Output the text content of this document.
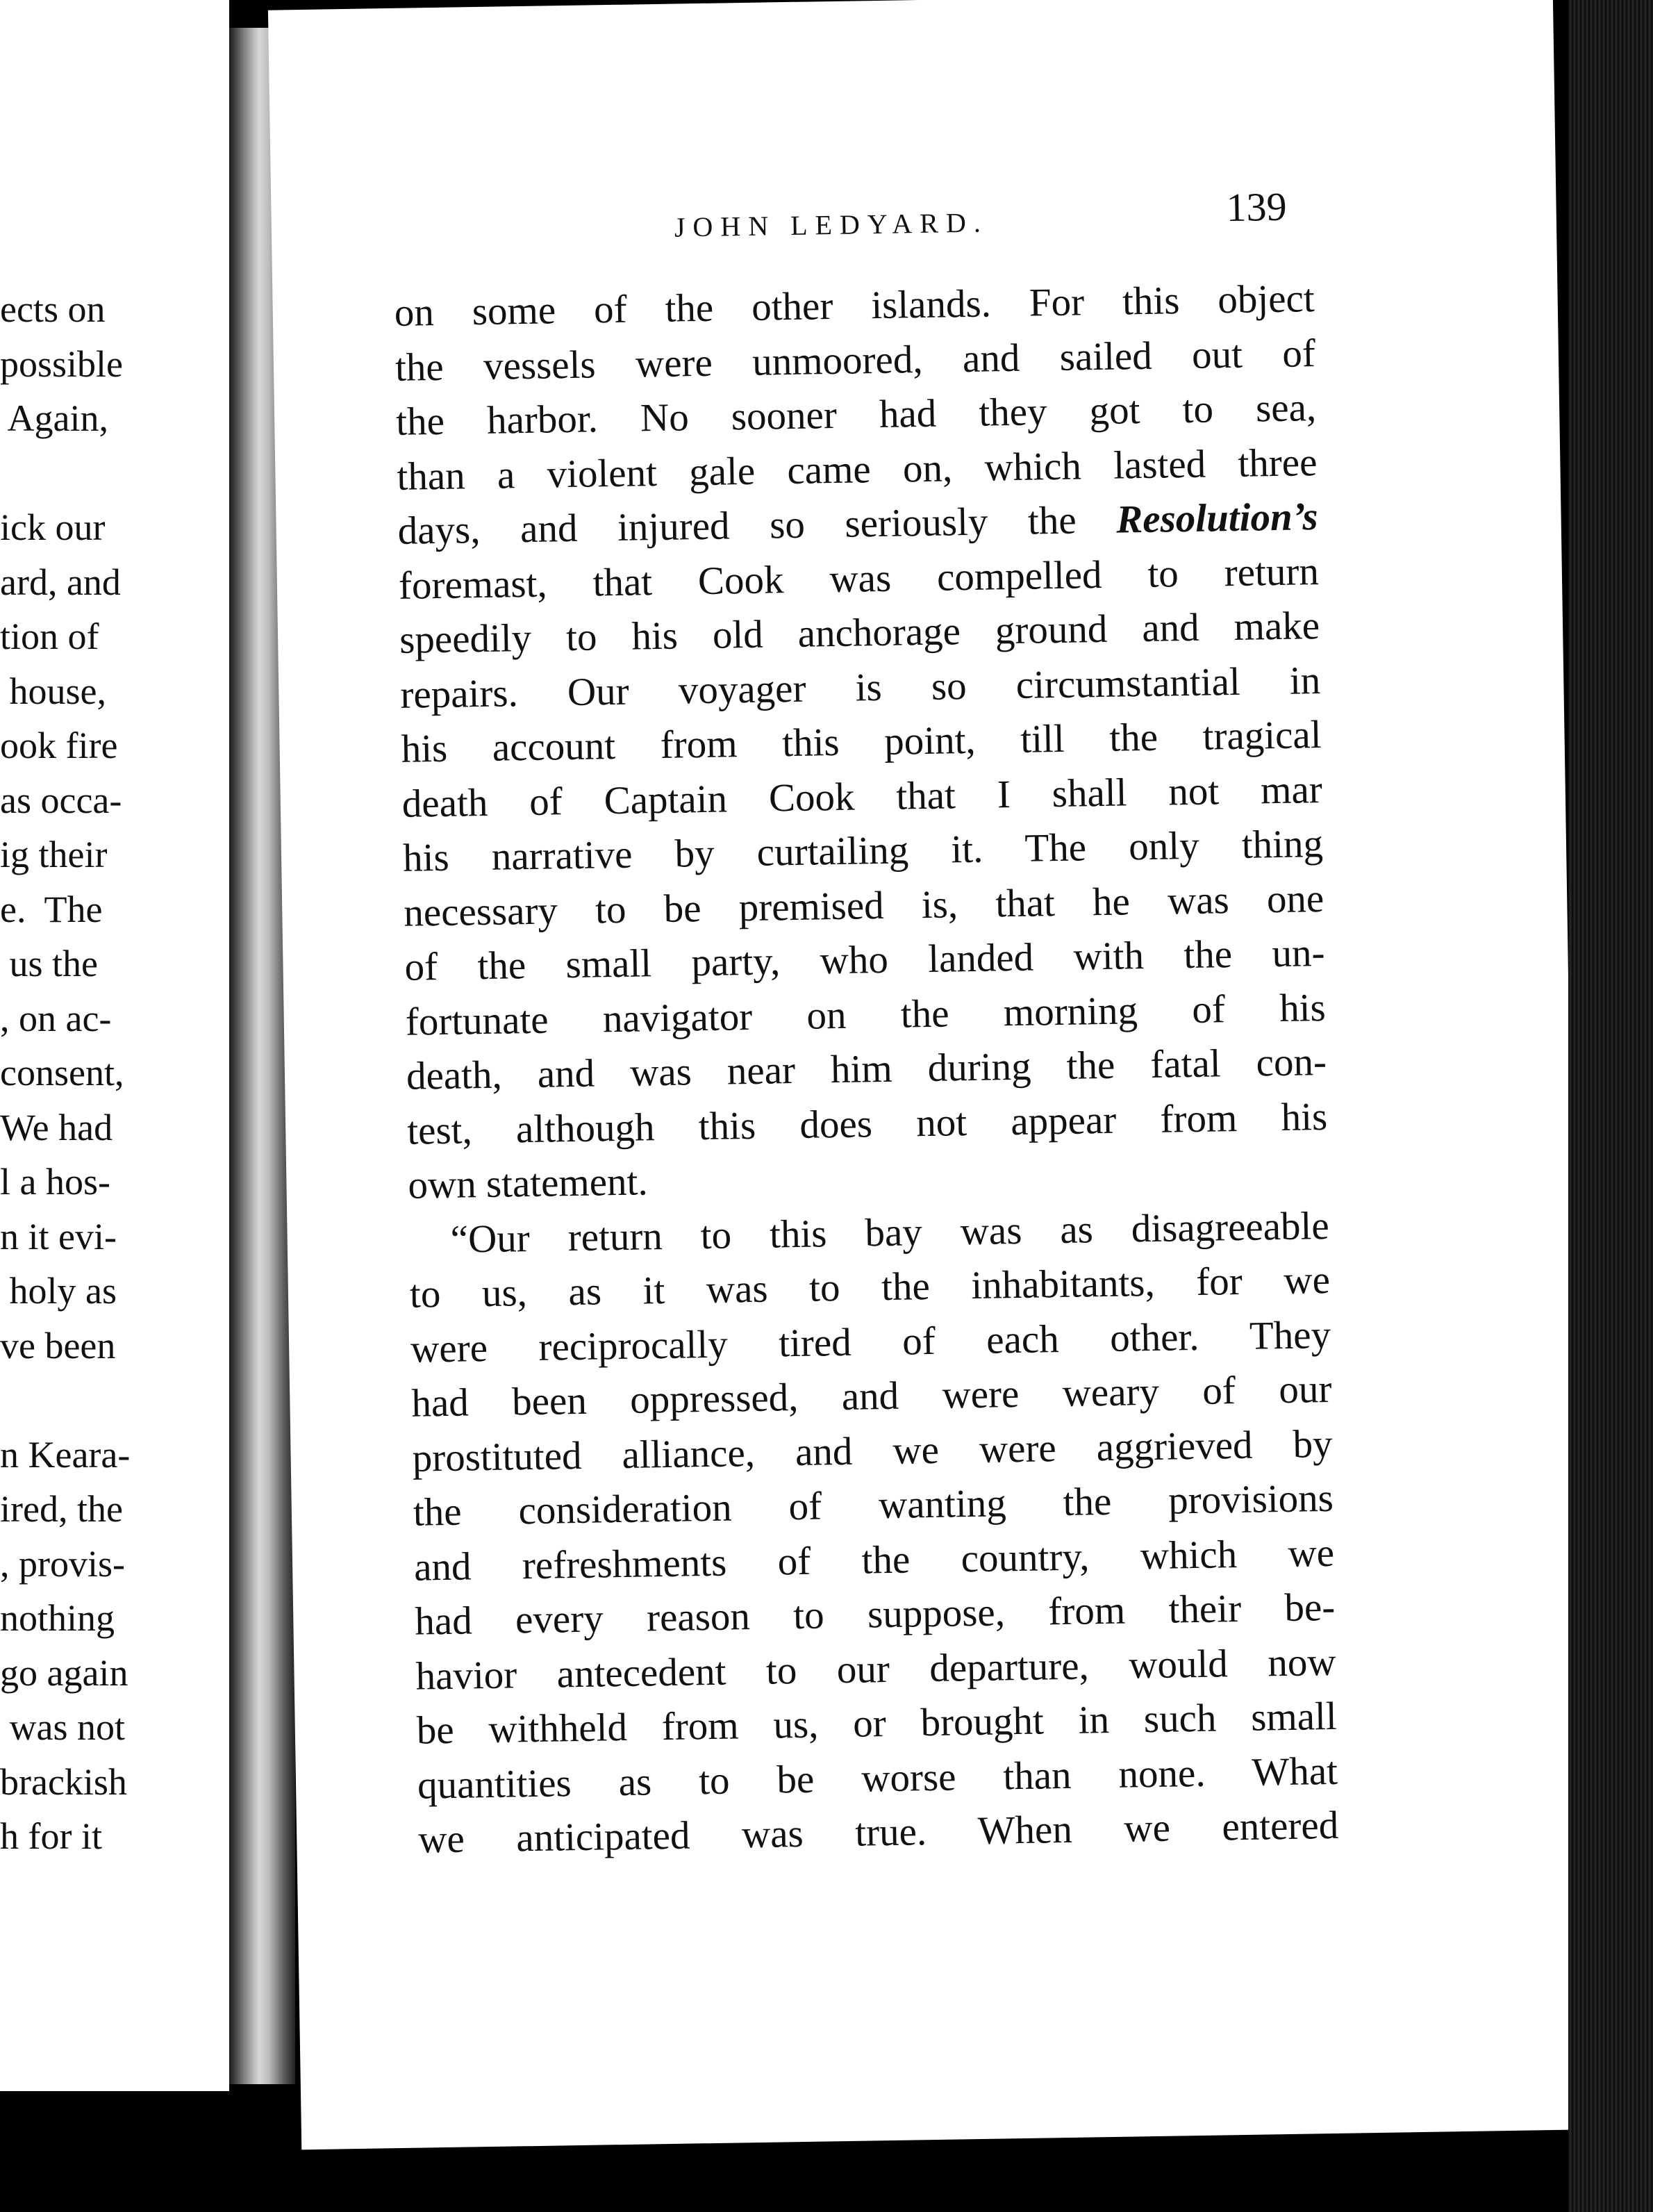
ects on
possible
Again,
ick our
ard, and
tion of
house,
ook fire
as occa-
ig their
e.  The
us the
, on ac-
consent,
We had
l a hos-
n it evi-
holy as
ve been
n Keara-
ired, the
, provis-
nothing
go again
was not
brackish
h for it
JOHN LEDYARD.	139
on some of the other islands. For this object
the vessels were unmoored, and sailed out of
the harbor. No sooner had they got to sea,
than a violent gale came on, which lasted three
days, and injured so seriously the Resolution’s
foremast, that Cook was compelled to return
speedily to his old anchorage ground and make
repairs. Our voyager is so circumstantial in
his account from this point, till the tragical
death of Captain Cook that I shall not mar
his narrative by curtailing it. The only thing
necessary to be premised is, that he was one
of the small party, who landed with the un-
fortunate navigator on the morning of his
death, and was near him during the fatal con-
test, although this does not appear from his
own statement.
“Our return to this bay was as disagreeable
to us, as it was to the inhabitants, for we
were reciprocally tired of each other. They
had been oppressed, and were weary of our
prostituted alliance, and we were aggrieved by
the consideration of wanting the provisions
and refreshments of the country, which we
had every reason to suppose, from their be-
havior antecedent to our departure, would now
be withheld from us, or brought in such small
quantities as to be worse than none. What
we anticipated was true. When we entered
